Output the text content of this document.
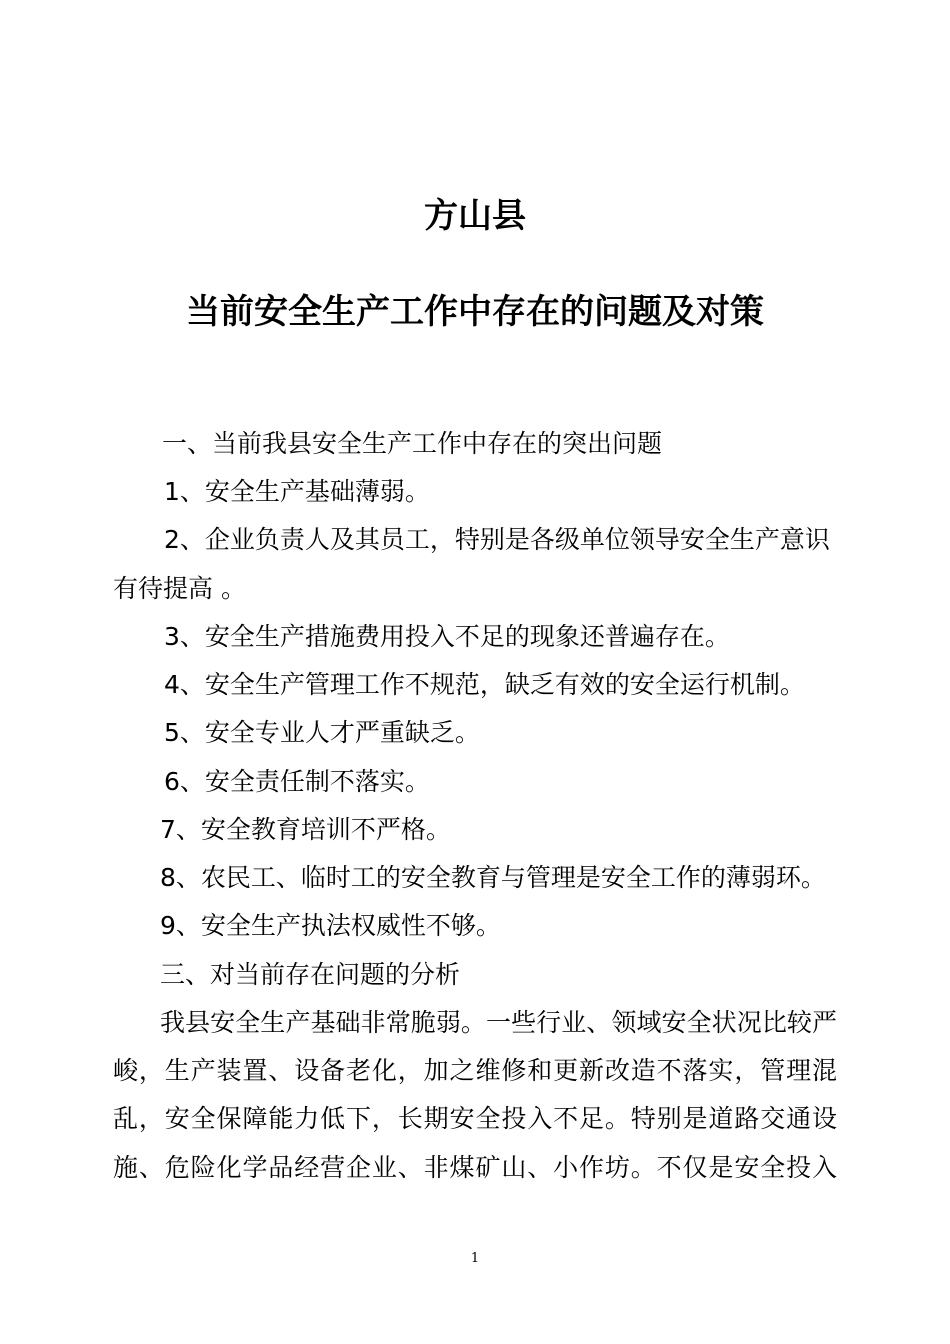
方山县
当前安全生产工作中存在的问题及对策

一、当前我县安全生产工作中存在的突出问题

1、安全生产基础薄弱。

2、企业负责人及其员工，特别是各级单位领导安全生产意识

有待提高 。

3、安全生产措施费用投入不足的现象还普遍存在。

4、安全生产管理工作不规范，缺乏有效的安全运行机制。

5、安全专业人才严重缺乏。

6、安全责任制不落实。

7、安全教育培训不严格。

8、农民工、临时工的安全教育与管理是安全工作的薄弱环。

9、安全生产执法权威性不够。

三、对当前存在问题的分析

我县安全生产基础非常脆弱。一些行业、领域安全状况比较严

峻，生产装置、设备老化，加之维修和更新改造不落实，管理混

乱，安全保障能力低下，长期安全投入不足。特别是道路交通设

施、危险化学品经营企业、非煤矿山、小作坊。不仅是安全投入

1
